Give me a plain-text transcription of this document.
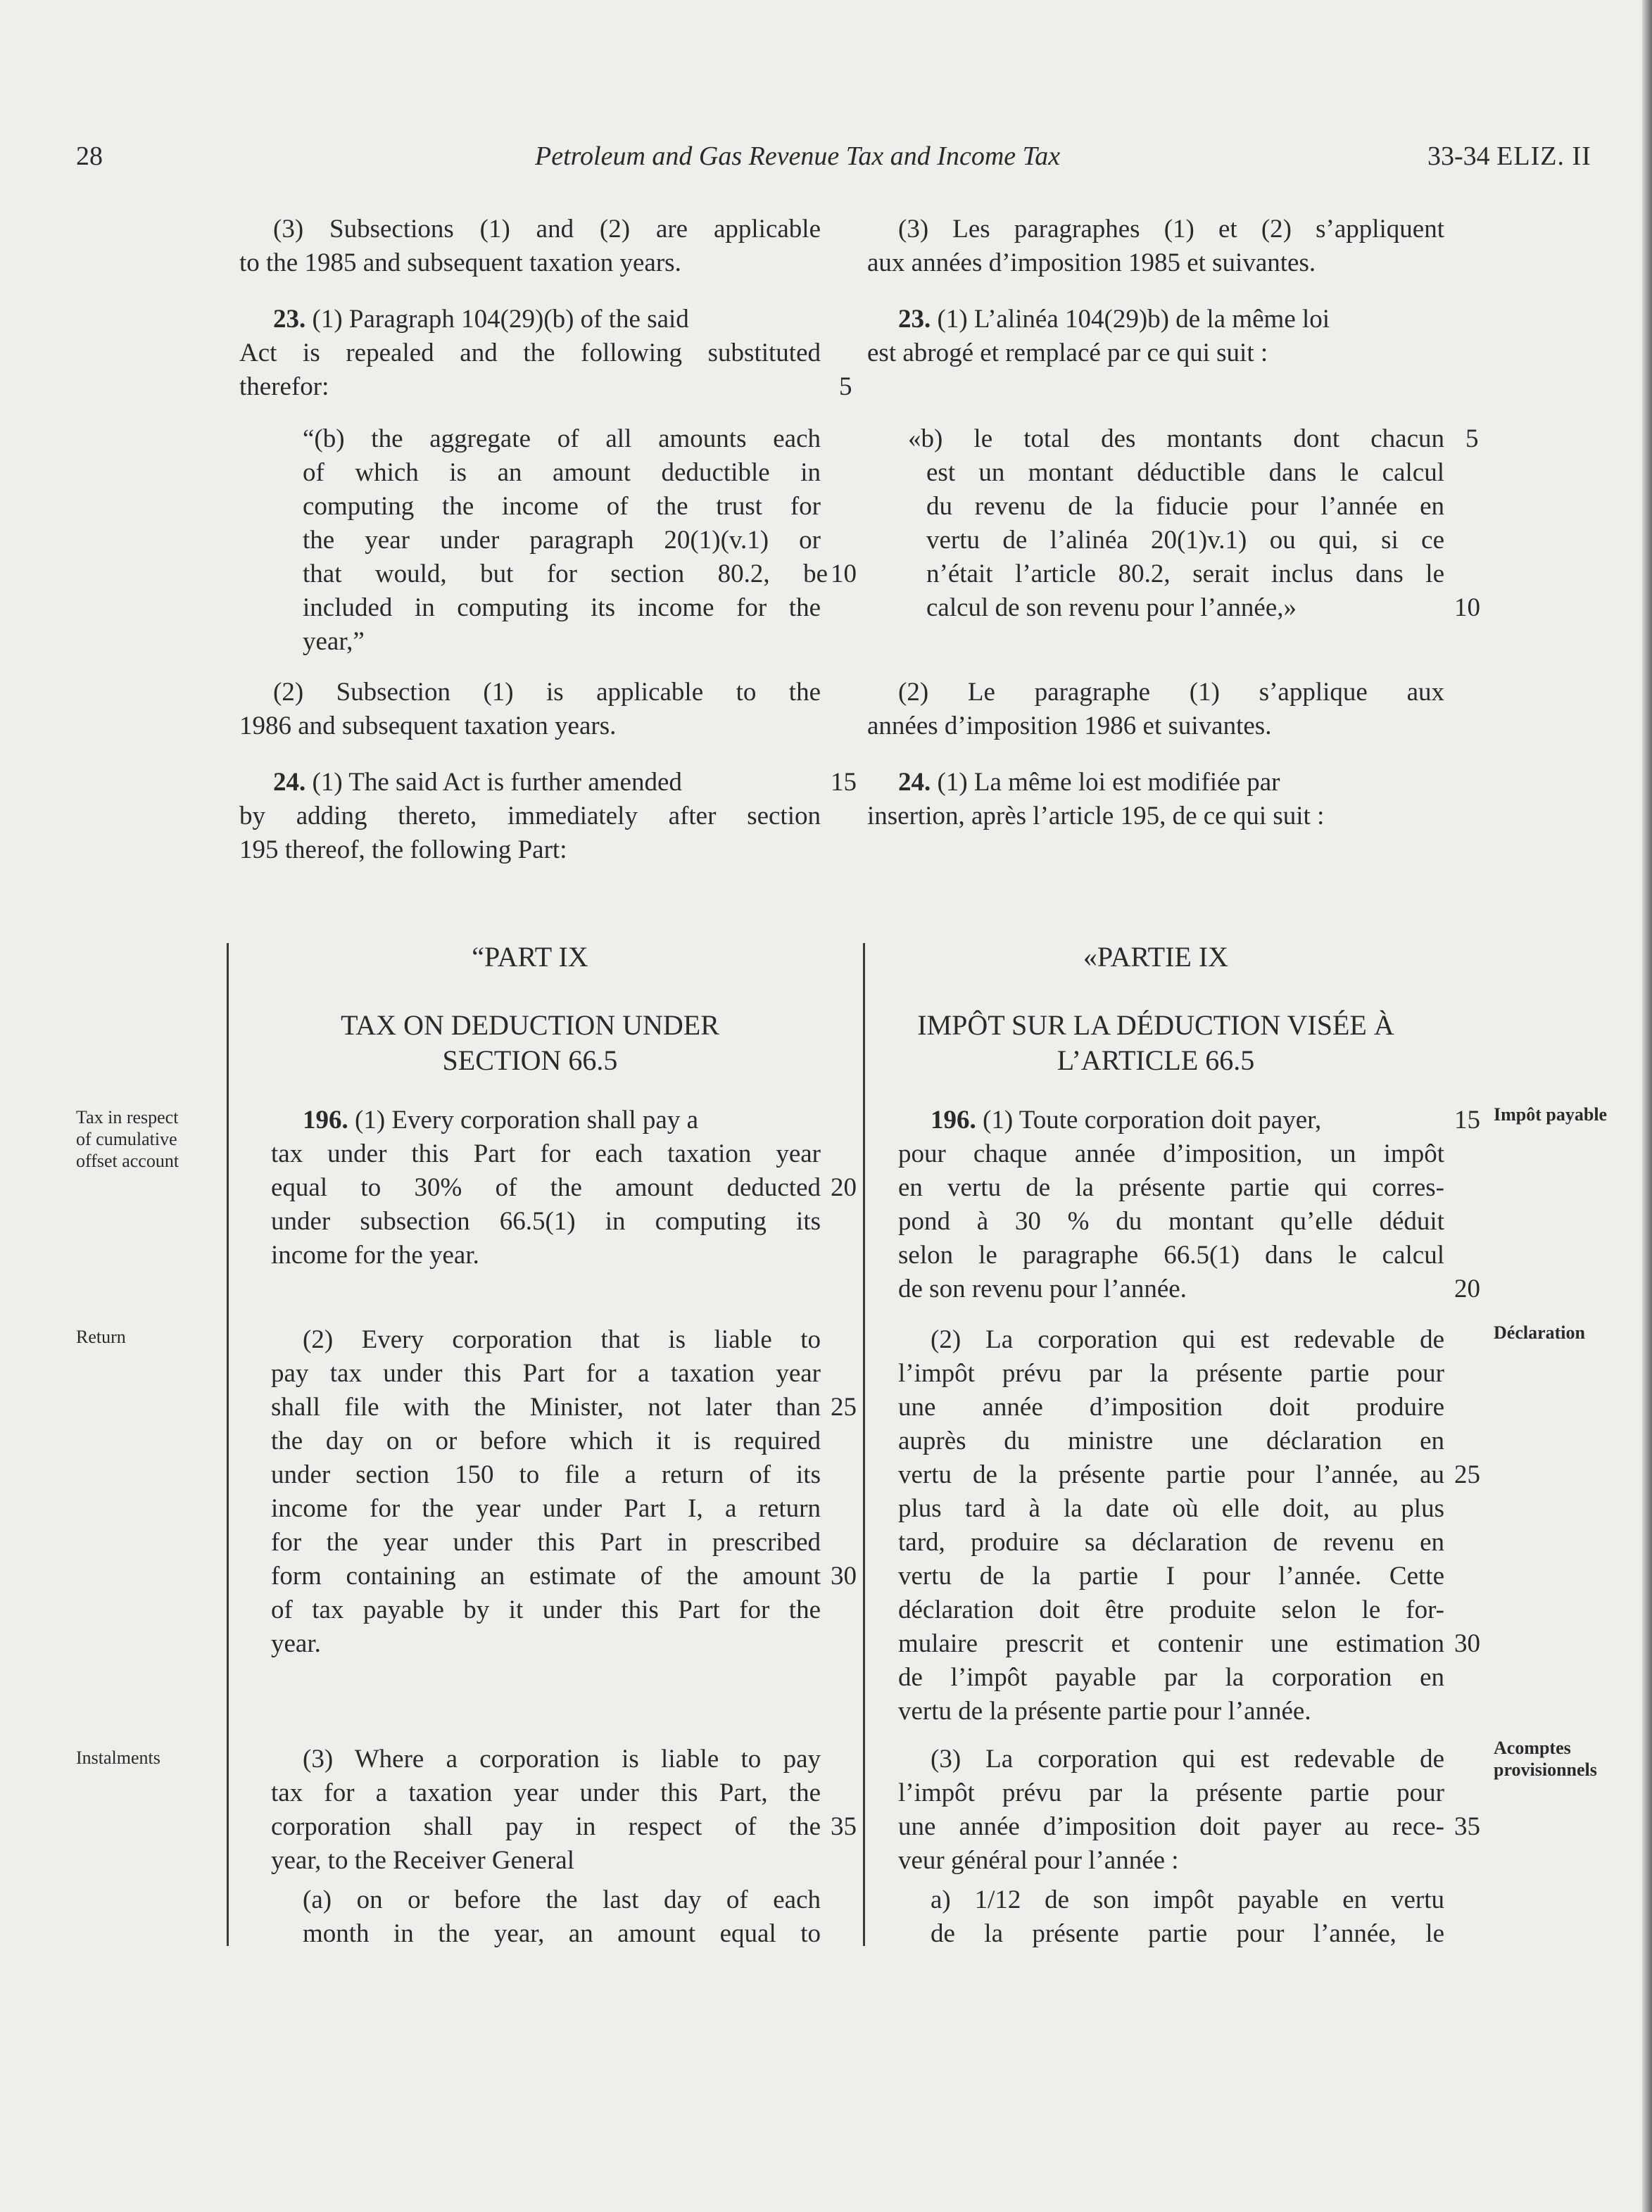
28	Petroleum and Gas Revenue Tax and Income Tax	33-34 ELIZ. II
(3) Subsections (1) and (2) are applicable
to the 1985 and subsequent taxation years.
23. (1) Paragraph 104(29)(b) of the said
Act is repealed and the following substituted
therefor:
“(b) the aggregate of all amounts each
of which is an amount deductible in
computing the income of the trust for
the year under paragraph 20(1)(v.1) or
that would, but for section 80.2, be
included in computing its income for the
year,”
(2) Subsection (1) is applicable to the
1986 and subsequent taxation years.
24. (1) The said Act is further amended
by adding thereto, immediately after section
195 thereof, the following Part:
“PART IX
TAX ON DEDUCTION UNDER
SECTION 66.5
196. (1) Every corporation shall pay a
tax under this Part for each taxation year
equal to 30% of the amount deducted
under subsection 66.5(1) in computing its
income for the year.
(2) Every corporation that is liable to
pay tax under this Part for a taxation year
shall file with the Minister, not later than
the day on or before which it is required
under section 150 to file a return of its
income for the year under Part I, a return
for the year under this Part in prescribed
form containing an estimate of the amount
of tax payable by it under this Part for the
year.
(3) Where a corporation is liable to pay
tax for a taxation year under this Part, the
corporation shall pay in respect of the
year, to the Receiver General
(a) on or before the last day of each
month in the year, an amount equal to
5
10
15
20
25
30
35
Tax in respect
of cumulative
offset account
Return
Instalments
(3) Les paragraphes (1) et (2) s’appliquent
aux années d’imposition 1985 et suivantes.
23. (1) L’alinéa 104(29)b) de la même loi
est abrogé et remplacé par ce qui suit :
«b) le total des montants dont chacun
est un montant déductible dans le calcul
du revenu de la fiducie pour l’année en
vertu de l’alinéa 20(1)v.1) ou qui, si ce
n’était l’article 80.2, serait inclus dans le
calcul de son revenu pour l’année,»
(2) Le paragraphe (1) s’applique aux
années d’imposition 1986 et suivantes.
24. (1) La même loi est modifiée par
insertion, après l’article 195, de ce qui suit :
«PARTIE IX
IMPÔT SUR LA DÉDUCTION VISÉE À
L’ARTICLE 66.5
196. (1) Toute corporation doit payer,
pour chaque année d’imposition, un impôt
en vertu de la présente partie qui corres-
pond à 30 % du montant qu’elle déduit
selon le paragraphe 66.5(1) dans le calcul
de son revenu pour l’année.
(2) La corporation qui est redevable de
l’impôt prévu par la présente partie pour
une année d’imposition doit produire
auprès du ministre une déclaration en
vertu de la présente partie pour l’année, au
plus tard à la date où elle doit, au plus
tard, produire sa déclaration de revenu en
vertu de la partie I pour l’année. Cette
déclaration doit être produite selon le for-
mulaire prescrit et contenir une estimation
de l’impôt payable par la corporation en
vertu de la présente partie pour l’année.
(3) La corporation qui est redevable de
l’impôt prévu par la présente partie pour
une année d’imposition doit payer au rece-
veur général pour l’année :
a) 1/12 de son impôt payable en vertu
de la présente partie pour l’année, le
5
10
15
20
25
30
35
Impôt payable
Déclaration
Acomptes
provisionnels
